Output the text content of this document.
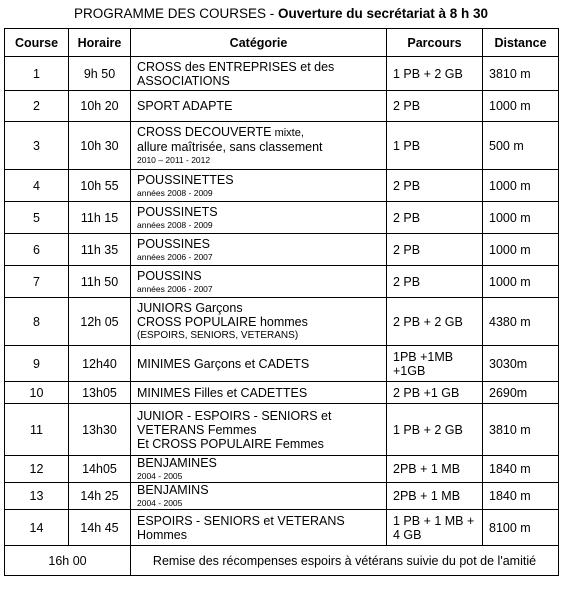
PROGRAMME DES COURSES - Ouverture du secrétariat à 8 h 30
Course	Horaire	Catégorie	Parcours	Distance
1	9h 50	CROSS des ENTREPRISES et des ASSOCIATIONS	1 PB + 2 GB	3810 m
2	10h 20	SPORT ADAPTE	2 PB	1000 m
3	10h 30	CROSS DECOUVERTE mixte,
allure maîtrisée, sans classement
2010 – 2011 - 2012	1 PB	500 m
4	10h 55	POUSSINETTES
années 2008 - 2009	2 PB	1000 m
5	11h 15	POUSSINETS
années 2008 - 2009	2 PB	1000 m
6	11h 35	POUSSINES
années 2006 - 2007	2 PB	1000 m
7	11h 50	POUSSINS
années 2006 - 2007	2 PB	1000 m
8	12h 05	JUNIORS Garçons
CROSS POPULAIRE hommes
(ESPOIRS, SENIORS, VETERANS)	2 PB + 2 GB	4380 m
9	12h40	MINIMES Garçons et CADETS	1PB +1MB +1GB	3030m
10	13h05	MINIMES Filles et CADETTES	2 PB +1 GB	2690m
11	13h30	JUNIOR - ESPOIRS - SENIORS et
VETERANS Femmes
Et CROSS POPULAIRE Femmes	1 PB + 2 GB	3810 m
12	14h05	BENJAMINES
2004 - 2005	2PB + 1 MB	1840 m
13	14h 25	BENJAMINS
2004 - 2005	2PB + 1 MB	1840 m
14	14h 45	ESPOIRS - SENIORS et VETERANS
Hommes	1 PB + 1 MB + 4 GB	8100 m
16h 00		Remise des récompenses espoirs à vétérans suivie du pot de l'amitié		
